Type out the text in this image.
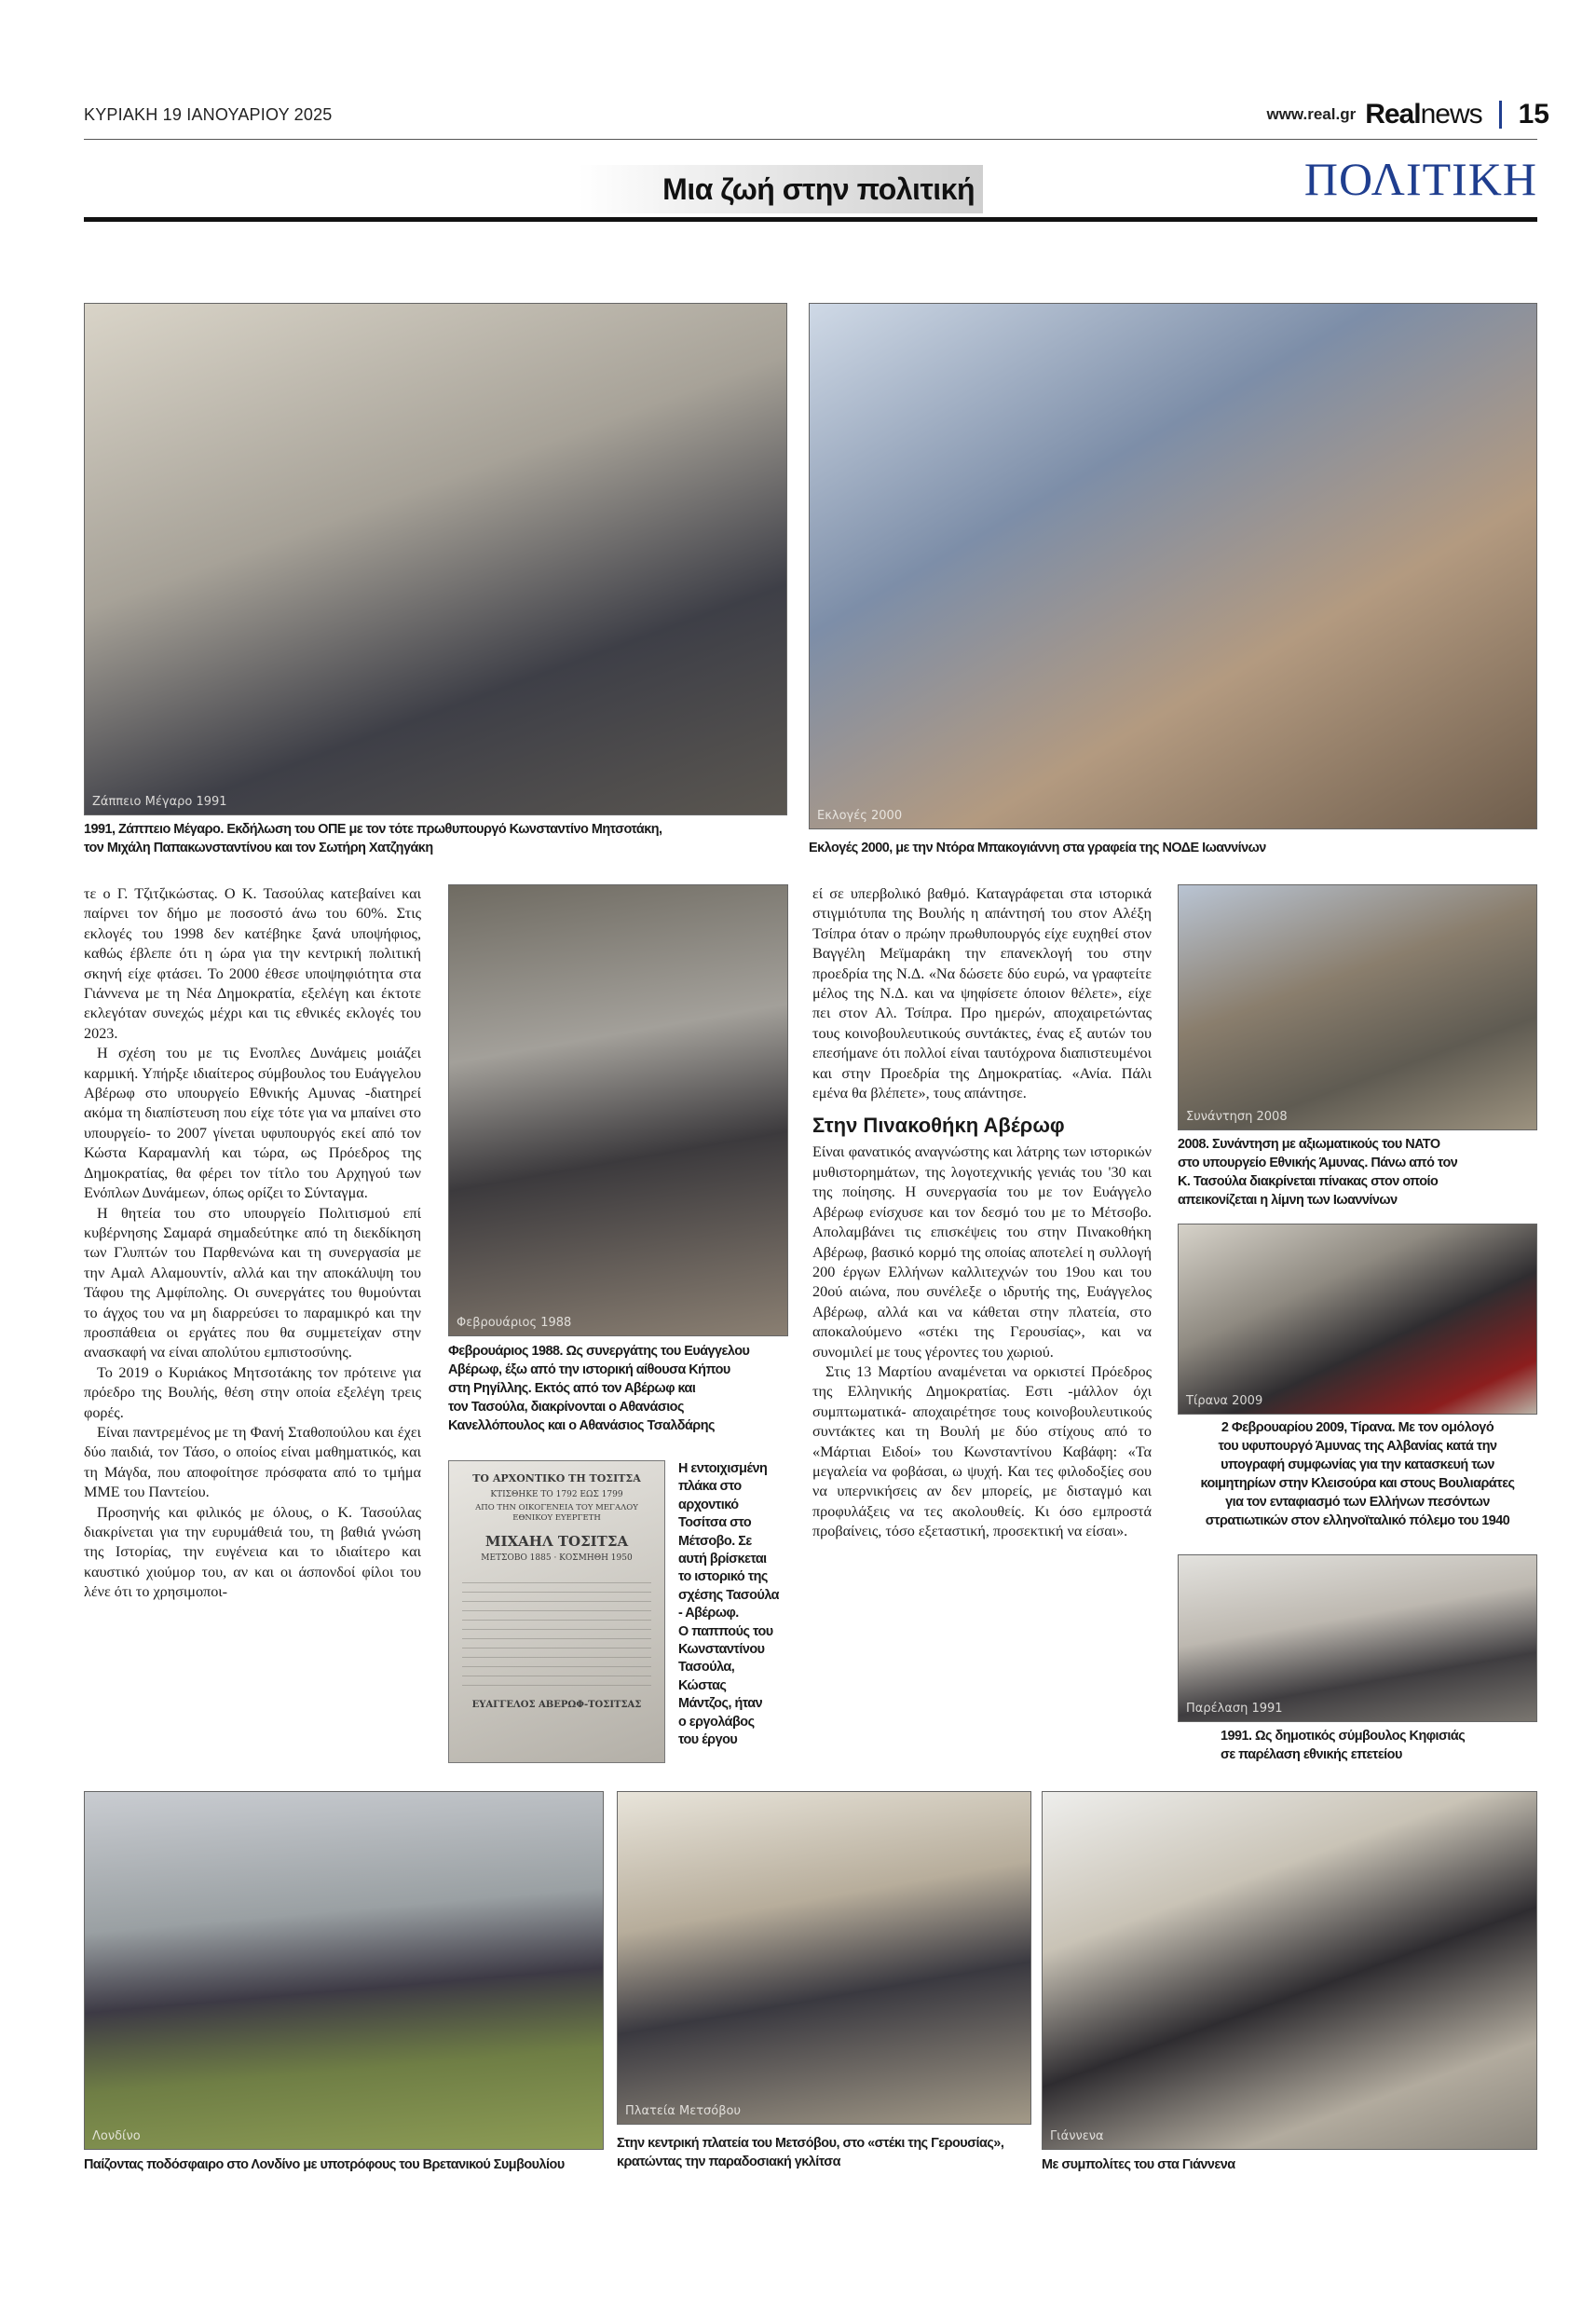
ΚΥΡΙΑΚΗ 19 ΙΑΝΟΥΑΡΙΟΥ 2025	www.real.gr Realnews 15
Μια ζωή στην πολιτική	ΠΟΛΙΤΙΚΗ
Ζάππειο Μέγαρο 1991
1991, Ζάππειο Μέγαρο. Εκδήλωση του ΟΠΕ με τον τότε πρωθυπουργό Κωνσταντίνο Μητσοτάκη,
τον Μιχάλη Παπακωνσταντίνου και τον Σωτήρη Χατζηγάκη
Εκλογές 2000
Εκλογές 2000, με την Ντόρα Μπακογιάννη στα γραφεία της ΝΟΔΕ Ιωαννίνων

τε ο Γ. Τζιτζικώστας. Ο Κ. Τασούλας κατεβαίνει και παίρνει τον δήμο με ποσοστό άνω του 60%. Στις εκλογές του 1998 δεν κατέβηκε ξανά υποψήφιος, καθώς έβλεπε ότι η ώρα για την κεντρική πολιτική σκηνή είχε φτάσει. Το 2000 έθεσε υποψηφιότητα στα Γιάννενα με τη Νέα Δημοκρατία, εξελέγη και έκτοτε εκλεγόταν συνεχώς μέχρι και τις εθνικές εκλογές του 2023.

Η σχέση του με τις Ενοπλες Δυνάμεις μοιάζει καρμική. Υπήρξε ιδιαίτερος σύμβουλος του Ευάγγελου Αβέρωφ στο υπουργείο Εθνικής Αμυνας -διατηρεί ακόμα τη διαπίστευση που είχε τότε για να μπαίνει στο υπουργείο- το 2007 γίνεται υφυπουργός εκεί από τον Κώστα Καραμανλή και τώρα, ως Πρόεδρος της Δημοκρατίας, θα φέρει τον τίτλο του Αρχηγού των Ενόπλων Δυνάμεων, όπως ορίζει το Σύνταγμα.

Η θητεία του στο υπουργείο Πολιτισμού επί κυβέρνησης Σαμαρά σημαδεύτηκε από τη διεκδίκηση των Γλυπτών του Παρθενώνα και τη συνεργασία με την Αμαλ Αλαμουντίν, αλλά και την αποκάλυψη του Τάφου της Αμφίπολης. Οι συνεργάτες του θυμούνται το άγχος του να μη διαρρεύσει το παραμικρό και την προσπάθεια οι εργάτες που θα συμμετείχαν στην ανασκαφή να είναι απολύτου εμπιστοσύνης.

Το 2019 ο Κυριάκος Μητσοτάκης τον πρότεινε για πρόεδρο της Βουλής, θέση στην οποία εξελέγη τρεις φορές.

Είναι παντρεμένος με τη Φανή Σταθοπούλου και έχει δύο παιδιά, τον Τάσο, ο οποίος είναι μαθηματικός, και τη Μάγδα, που αποφοίτησε πρόσφατα από το τμήμα ΜΜΕ του Παντείου.

Προσηνής και φιλικός με όλους, ο Κ. Τασούλας διακρίνεται για την ευρυμάθειά του, τη βαθιά γνώση της Ιστορίας, την ευγένεια και το ιδιαίτερο και καυστικό χιούμορ του, αν και οι άσπονδοί φίλοι του λένε ότι το χρησιμοποι-

Φεβρουάριος 1988
Φεβρουάριος 1988. Ως συνεργάτης του Ευάγγελου
Αβέρωφ, έξω από την ιστορική αίθουσα Κήπου
στη Ρηγίλλης. Εκτός από τον Αβέρωφ και
τον Τασούλα, διακρίνονται ο Αθανάσιος
Κανελλόπουλος και ο Αθανάσιος Τσαλδάρης
ΤΟ ΑΡΧΟΝΤΙΚΟ ΤΗ ΤΟΣΙΤΣΑ
ΚΤΙΣΘΗΚΕ ΤΟ 1792 ΕΩΣ 1799
ΑΠΟ ΤΗΝ ΟΙΚΟΓΕΝΕΙΑ ΤΟΥ ΜΕΓΑΛΟΥ ΕΘΝΙΚΟΥ ΕΥΕΡΓΕΤΗ
ΜΙΧΑΗΛ ΤΟΣΙΤΣΑ
ΜΕΤΣΟΒΟ 1885 · ΚΟΣΜΗΘΗ 1950
ΕΥΑΓΓΕΛΟΣ ΑΒΕΡΩΦ-ΤΟΣΙΤΣΑΣ
Η εντοιχισμένη
πλάκα στο
αρχοντικό
Τοσίτσα στο
Μέτσοβο. Σε
αυτή βρίσκεται
το ιστορικό της
σχέσης Τασούλα
- Αβέρωφ.
Ο παππούς του
Κωνσταντίνου
Τασούλα,
Κώστας
Μάντζος, ήταν
ο εργολάβος
του έργου

εί σε υπερβολικό βαθμό. Καταγράφεται στα ιστορικά στιγμιότυπα της Βουλής η απάντησή του στον Αλέξη Τσίπρα όταν ο πρώην πρωθυπουργός είχε ευχηθεί στον Βαγγέλη Μεϊμαράκη την επανεκλογή του στην προεδρία της Ν.Δ. «Να δώσετε δύο ευρώ, να γραφτείτε μέλος της Ν.Δ. και να ψηφίσετε όποιον θέλετε», είχε πει στον Αλ. Τσίπρα. Προ ημερών, αποχαιρετώντας τους κοινοβουλευτικούς συντάκτες, ένας εξ αυτών του επεσήμανε ότι πολλοί είναι ταυτόχρονα διαπιστευμένοι και στην Προεδρία της Δημοκρατίας. «Ανία. Πάλι εμένα θα βλέπετε», τους απάντησε.

Στην Πινακοθήκη Αβέρωφ

Είναι φανατικός αναγνώστης και λάτρης των ιστορικών μυθιστορημάτων, της λογοτεχνικής γενιάς του '30 και της ποίησης. Η συνεργασία του με τον Ευάγγελο Αβέρωφ ενίσχυσε και τον δεσμό του με το Μέτσοβο. Απολαμβάνει τις επισκέψεις του στην Πινακοθήκη Αβέρωφ, βασικό κορμό της οποίας αποτελεί η συλλογή 200 έργων Ελλήνων καλλιτεχνών του 19ου και του 20ού αιώνα, που συνέλεξε ο ιδρυτής της, Ευάγγελος Αβέρωφ, αλλά και να κάθεται στην πλατεία, στο αποκαλούμενο «στέκι της Γερουσίας», και να συνομιλεί με τους γέροντες του χωριού.

Στις 13 Μαρτίου αναμένεται να ορκιστεί Πρόεδρος της Ελληνικής Δημοκρατίας. Εστι -μάλλον όχι συμπτωματικά- αποχαιρέτησε τους κοινοβουλευτικούς συντάκτες και τη Βουλή με δύο στίχους από το «Μάρτιαι Ειδοί» του Κωνσταντίνου Καβάφη: «Τα μεγαλεία να φοβάσαι, ω ψυχή. Και τες φιλοδοξίες σου να υπερνικήσεις αν δεν μπορείς, με δισταγμό και προφυλάξεις να τες ακολουθείς. Κι όσο εμπροστά προβαίνεις, τόσο εξεταστική, προσεκτική να είσαι».

Συνάντηση 2008
2008. Συνάντηση με αξιωματικούς του ΝΑΤΟ
στο υπουργείο Εθνικής Άμυνας. Πάνω από τον
Κ. Τασούλα διακρίνεται πίνακας στον οποίο
απεικονίζεται η λίμνη των Ιωαννίνων
Τίρανα 2009
2 Φεβρουαρίου 2009, Τίρανα. Με τον ομόλογό
του υφυπουργό Άμυνας της Αλβανίας κατά την
υπογραφή συμφωνίας για την κατασκευή των
κοιμητηρίων στην Κλεισούρα και στους Βουλιαράτες
για τον ενταφιασμό των Ελλήνων πεσόντων
στρατιωτικών στον ελληνοϊταλικό πόλεμο του 1940
Παρέλαση 1991
1991. Ως δημοτικός σύμβουλος Κηφισιάς
σε παρέλαση εθνικής επετείου
Λονδίνο
Παίζοντας ποδόσφαιρο στο Λονδίνο με υποτρόφους του Βρετανικού Συμβουλίου
Πλατεία Μετσόβου
Στην κεντρική πλατεία του Μετσόβου, στο «στέκι της Γερουσίας»,
κρατώντας την παραδοσιακή γκλίτσα
Γιάννενα
Με συμπολίτες του στα Γιάννενα
